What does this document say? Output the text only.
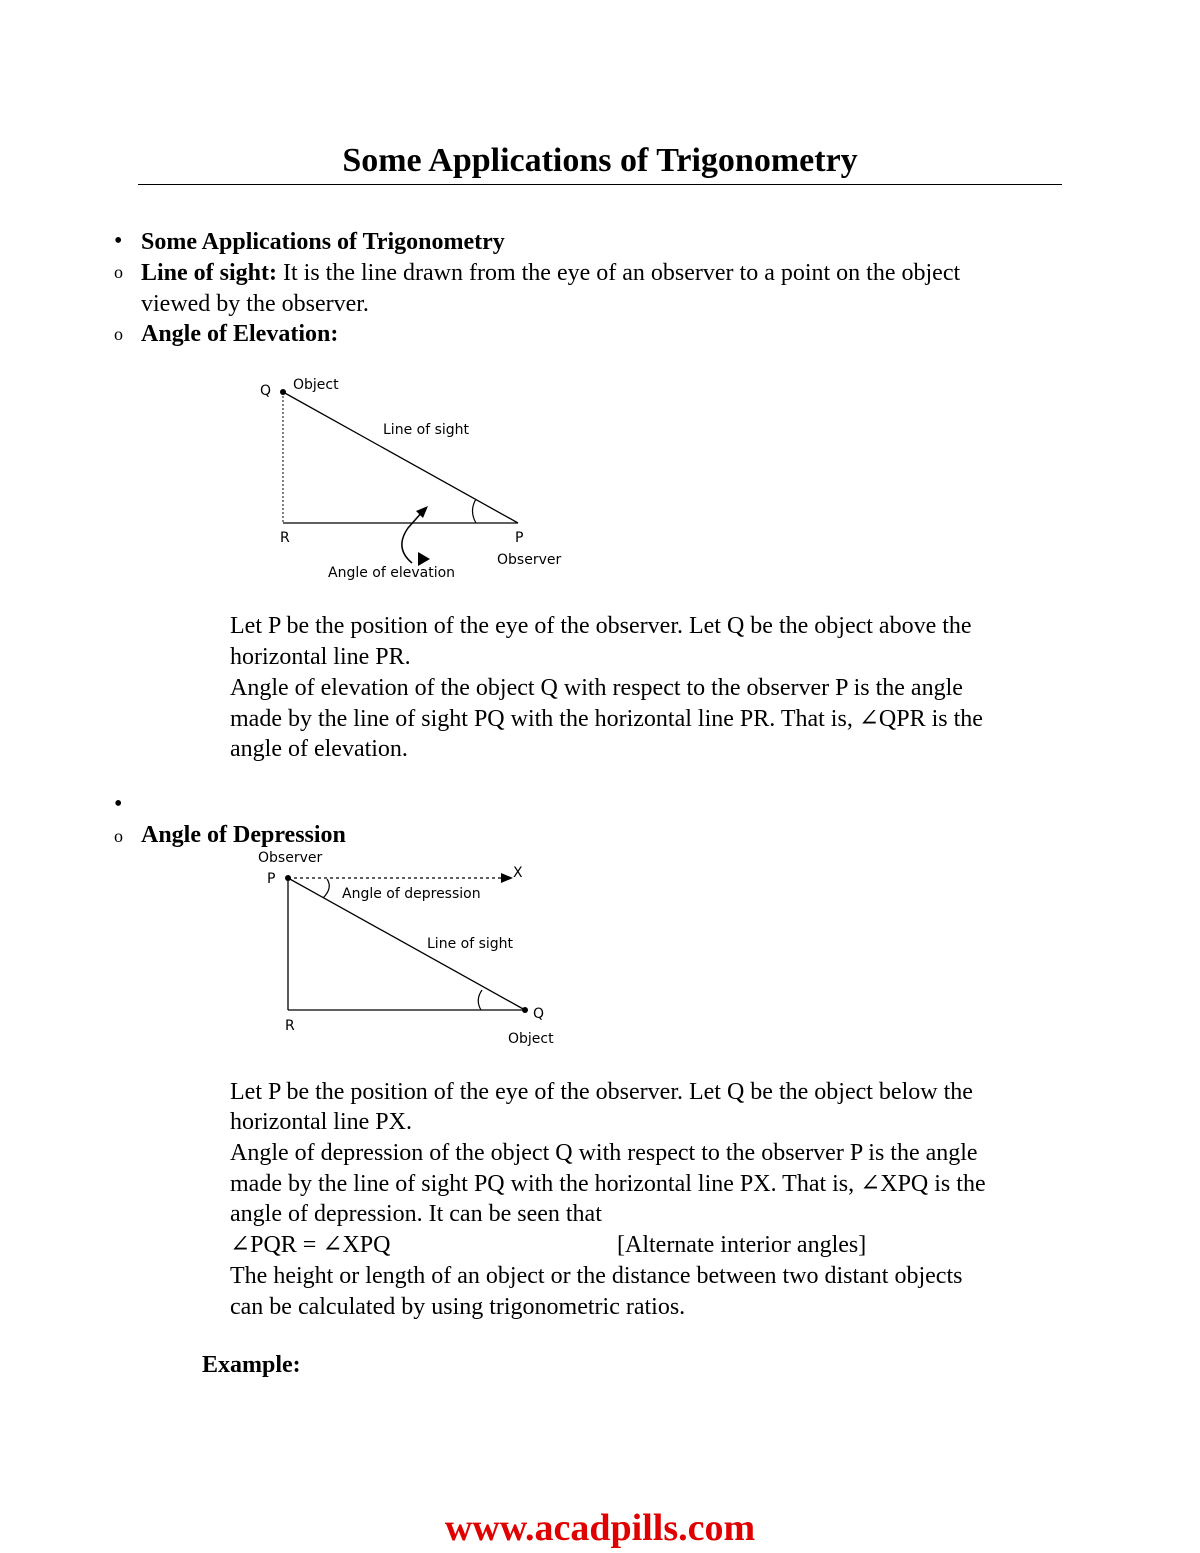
Some Applications of Trigonometry
• Some Applications of Trigonometry
o Line of sight: It is the line drawn from the eye of an observer to a point on the object
viewed by the observer.
o Angle of Elevation:
Q Object
Line of sight
R	P
Observer
Angle of elevation
Let P be the position of the eye of the observer. Let Q be the object above the
horizontal line PR.
Angle of elevation of the object Q with respect to the observer P is the angle
made by the line of sight PQ with the horizontal line PR. That is, ∠QPR is the
angle of elevation.
•
o Angle of Depression
Observer
P	X
Angle of depression
Line of sight
R
Q
Object
Let P be the position of the eye of the observer. Let Q be the object below the
horizontal line PX.
Angle of depression of the object Q with respect to the observer P is the angle
made by the line of sight PQ with the horizontal line PX. That is, ∠XPQ is the
angle of depression. It can be seen that
∠PQR = ∠XPQ	[Alternate interior angles]
The height or length of an object or the distance between two distant objects
can be calculated by using trigonometric ratios.
Example:
www.acadpills.com
